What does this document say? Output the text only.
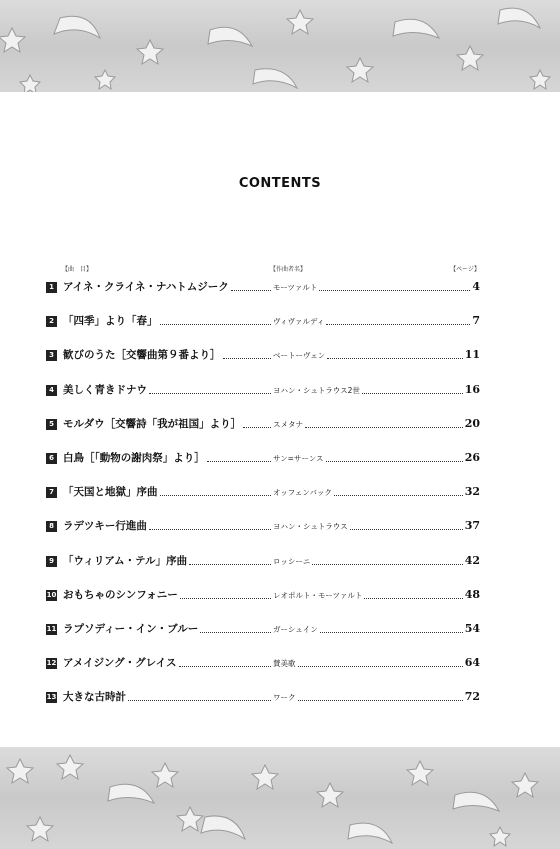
CONTENTS
【曲　目】	【作曲者名】	【ページ】
1 アイネ・クライネ・ナハトムジーク	モーツァルト	4
2 「四季」より「春」	ヴィヴァルディ	7
3 歓びのうた［交響曲第９番より］	ベートーヴェン	11
4 美しく青きドナウ	ヨハン・シュトラウス2世	16
5 モルダウ［交響詩「我が祖国」より］	スメタナ	20
6 白鳥［「動物の謝肉祭」より］	サン=サーンス	26
7 「天国と地獄」序曲	オッフェンバック	32
8 ラデツキー行進曲	ヨハン・シュトラウス	37
9 「ウィリアム・テル」序曲	ロッシーニ	42
10 おもちゃのシンフォニー	レオポルト・モーツァルト	48
11 ラプソディー・イン・ブルー	ガーシュイン	54
12 アメイジング・グレイス	賛美歌	64
13 大きな古時計	ワーク	72
